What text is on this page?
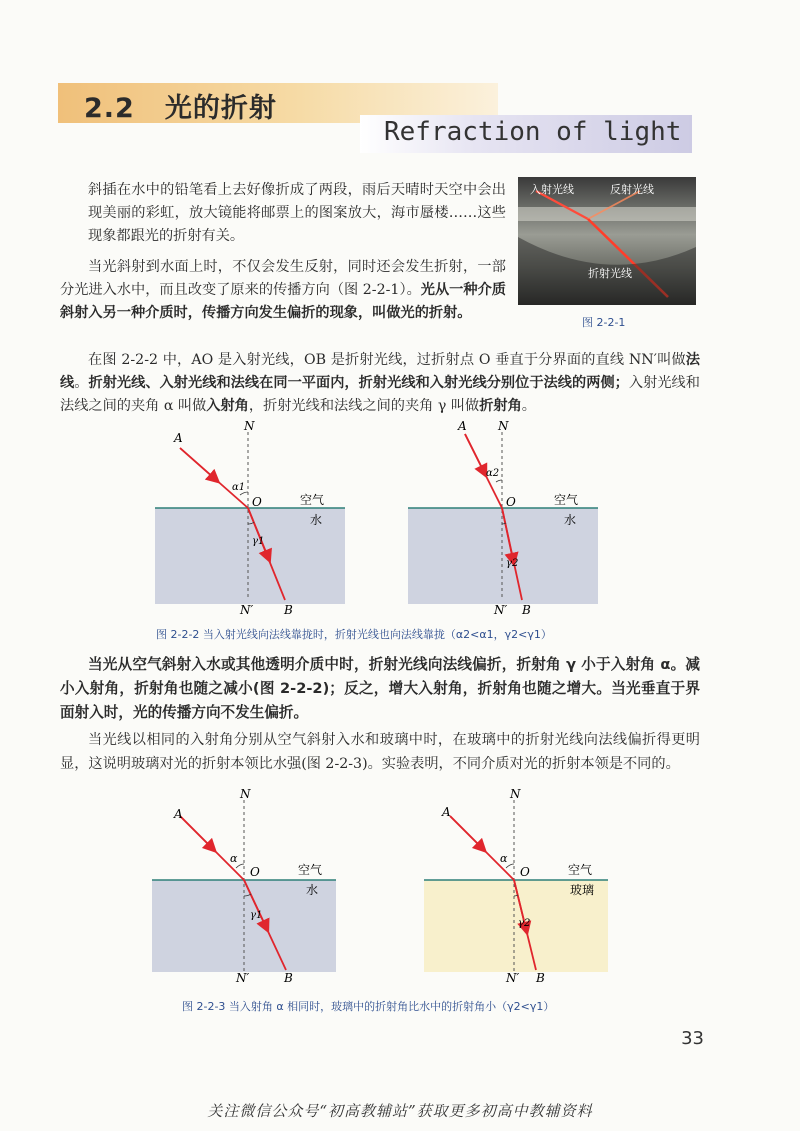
2.2 光的折射
Refraction of light
斜插在水中的铅笔看上去好像折成了两段，雨后天晴时天空中会出现美丽的彩虹，放大镜能将邮票上的图案放大，海市蜃楼……这些现象都跟光的折射有关。
当光斜射到水面上时，不仅会发生反射，同时还会发生折射，一部分光进入水中，而且改变了原来的传播方向（图 2-2-1）。光从一种介质斜射入另一种介质时，传播方向发生偏折的现象，叫做光的折射。
入射光线	反射光线
折射光线
图 2-2-1
在图 2-2-2 中，AO 是入射光线，OB 是折射光线，过折射点 O 垂直于分界面的直线 NN′叫做法线。折射光线、入射光线和法线在同一平面内，折射光线和入射光线分别位于法线的两侧；入射光线和法线之间的夹角 α 叫做入射角，折射光线和法线之间的夹角 γ 叫做折射角。
A
N
O
N′	B
α1
γ1
空气
水
A	N
O
N′ B
α2
γ2
空气
水
图 2-2-2 当入射光线向法线靠拢时，折射光线也向法线靠拢（α2<α1，γ2<γ1）
当光从空气斜射入水或其他透明介质中时，折射光线向法线偏折，折射角 γ 小于入射角 α。减小入射角，折射角也随之减小(图 2-2-2)；反之，增大入射角，折射角也随之增大。当光垂直于界面射入时，光的传播方向不发生偏折。
当光线以相同的入射角分别从空气斜射入水和玻璃中时，在玻璃中的折射光线向法线偏折得更明显，这说明玻璃对光的折射本领比水强(图 2-2-3)。实验表明，不同介质对光的折射本领是不同的。
A
N
O
N′	B
α
γ1
空气
水
A
N
O
N′ B
α
γ2
空气
玻璃
图 2-2-3 当入射角 α 相同时，玻璃中的折射角比水中的折射角小（γ2<γ1）
33
关注微信公众号“初高教辅站”获取更多初高中教辅资料
